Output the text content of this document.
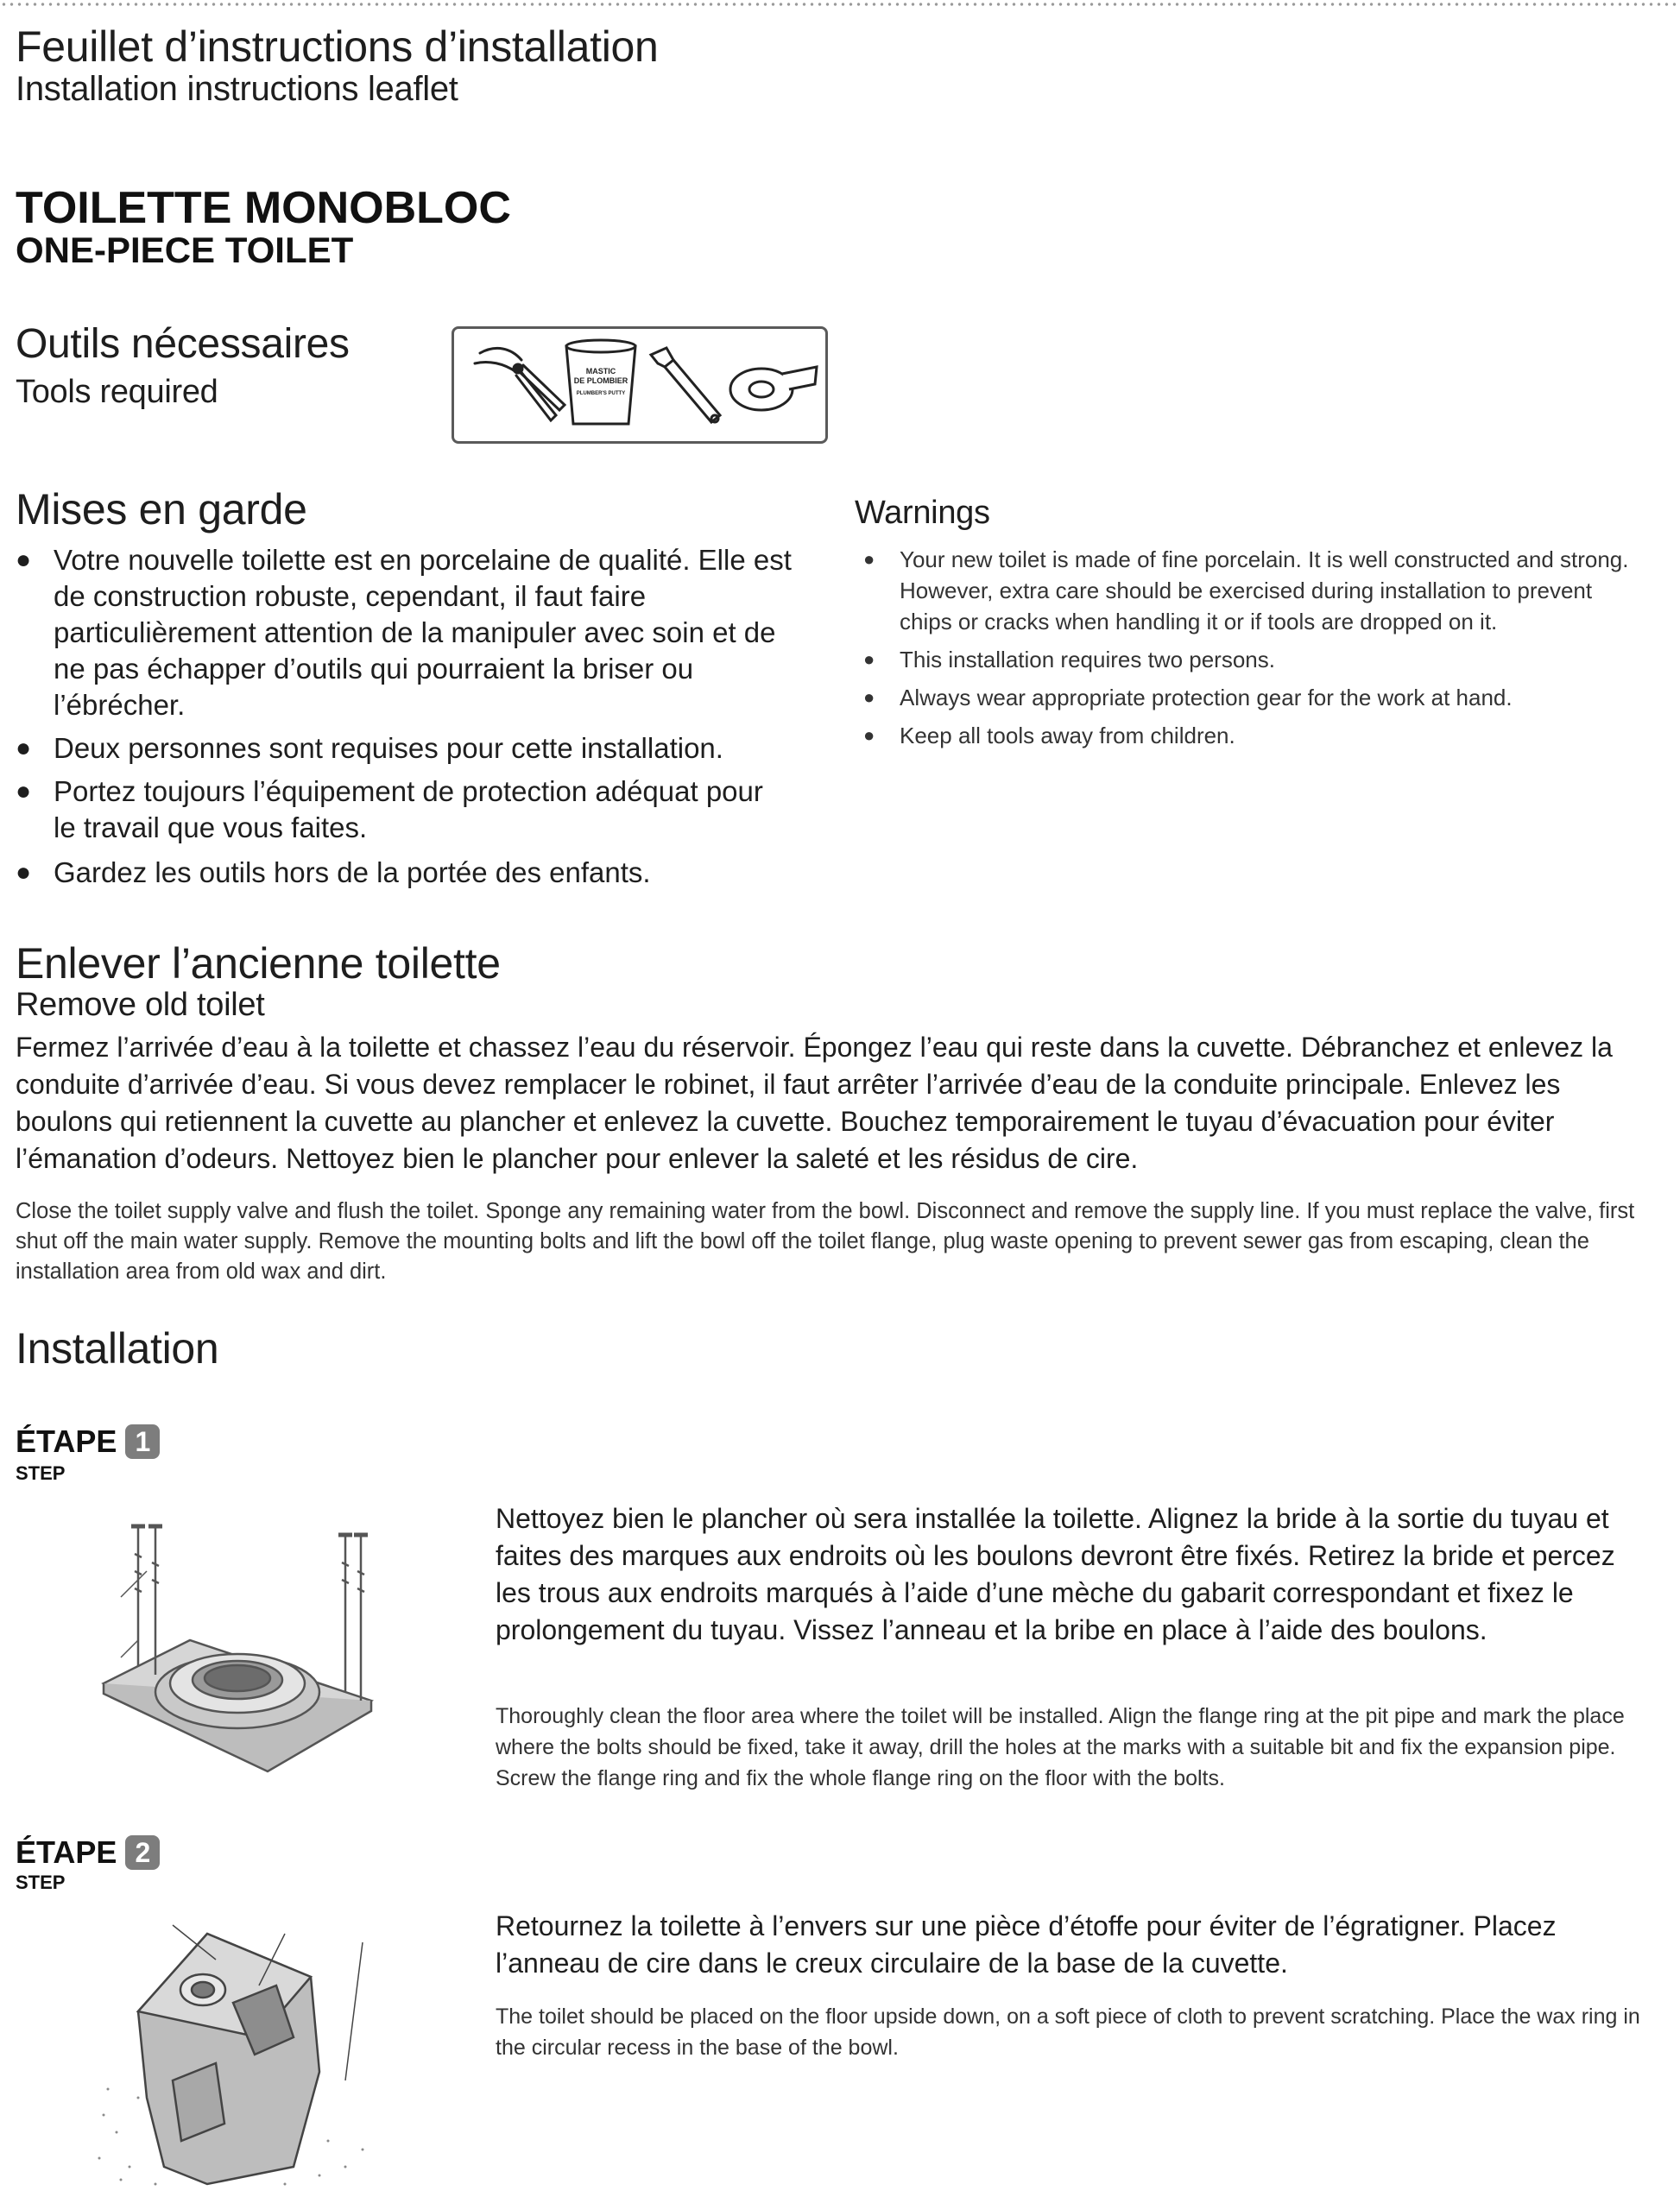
Feuillet d’instructions d’installation
Installation instructions leaflet
TOILETTE MONOBLOC
ONE-PIECE TOILET
Outils nécessaires
Tools required
MASTIC
DE PLOMBIER
PLUMBER'S PUTTY
Mises en garde
● Votre nouvelle toilette est en porcelaine de qualité. Elle est de construction robuste, cependant, il faut faire particulièrement attention de la manipuler avec soin et de ne pas échapper d’outils qui pourraient la briser ou l’ébrécher.
● Deux personnes sont requises pour cette installation.
● Portez toujours l’équipement de protection adéquat pour le travail que vous faites.
● Gardez les outils hors de la portée des enfants.
Warnings
● Your new toilet is made of fine porcelain. It is well constructed and strong. However, extra care should be exercised during installation to prevent chips or cracks when handling it or if tools are dropped on it.
● This installation requires two persons.
● Always wear appropriate protection gear for the work at hand.
● Keep all tools away from children.
Enlever l’ancienne toilette
Remove old toilet
Fermez l’arrivée d’eau à la toilette et chassez l’eau du réservoir. Épongez l’eau qui reste dans la cuvette. Débranchez et enlevez la conduite d’arrivée d’eau. Si vous devez remplacer le robinet, il faut arrêter l’arrivée d’eau de la conduite principale. Enlevez les boulons qui retiennent la cuvette au plancher et enlevez la cuvette. Bouchez temporairement le tuyau d’évacuation pour éviter l’émanation d’odeurs. Nettoyez bien le plancher pour enlever la saleté et les résidus de cire.
Close the toilet supply valve and flush the toilet. Sponge any remaining water from the bowl. Disconnect and remove the supply line. If you must replace the valve, first shut off the main water supply. Remove the mounting bolts and lift the bowl off the toilet flange, plug waste opening to prevent sewer gas from escaping, clean the installation area from old wax and dirt.
Installation
ÉTAPE 1
STEP
Nettoyez bien le plancher où sera installée la toilette. Alignez la bride à la sortie du tuyau et faites des marques aux endroits où les boulons devront être fixés. Retirez la bride et percez les trous aux endroits marqués à l’aide d’une mèche du gabarit correspondant et fixez le prolongement du tuyau. Vissez l’anneau et la bribe en place à l’aide des boulons.
Thoroughly clean the floor area where the toilet will be installed. Align the flange ring at the pit pipe and mark the place where the bolts should be fixed, take it away, drill the holes at the marks with a suitable bit and fix the expansion pipe. Screw the flange ring and fix the whole flange ring on the floor with the bolts.
ÉTAPE 2
STEP
Retournez la toilette à l’envers sur une pièce d’étoffe pour éviter de l’égratigner. Placez l’anneau de cire dans le creux circulaire de la base de la cuvette.
The toilet should be placed on the floor upside down, on a soft piece of cloth to prevent scratching. Place the wax ring in the circular recess in the base of the bowl.
